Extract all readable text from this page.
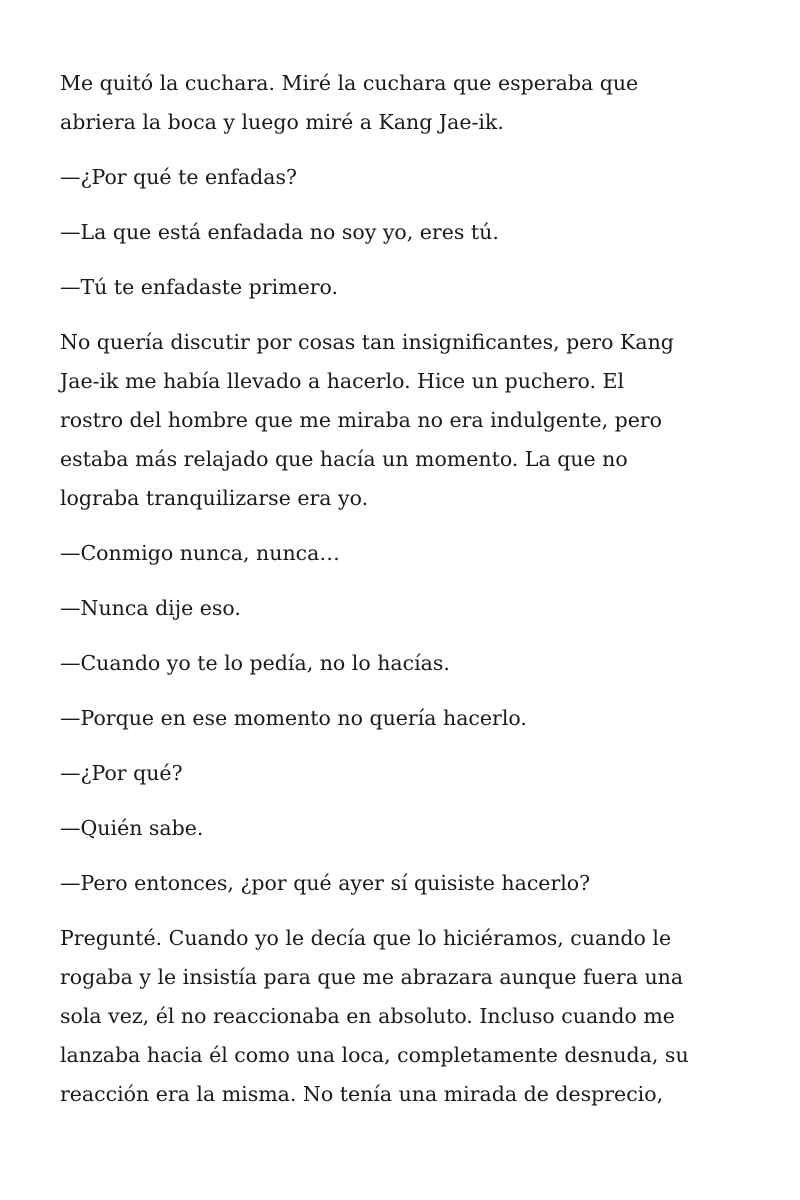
Me quitó la cuchara. Miré la cuchara que esperaba que
abriera la boca y luego miré a Kang Jae-ik.

—¿Por qué te enfadas?

—La que está enfadada no soy yo, eres tú.

—Tú te enfadaste primero.

No quería discutir por cosas tan insignificantes, pero Kang
Jae-ik me había llevado a hacerlo. Hice un puchero. El
rostro del hombre que me miraba no era indulgente, pero
estaba más relajado que hacía un momento. La que no
lograba tranquilizarse era yo.

—Conmigo nunca, nunca…

—Nunca dije eso.

—Cuando yo te lo pedía, no lo hacías.

—Porque en ese momento no quería hacerlo.

—¿Por qué?

—Quién sabe.

—Pero entonces, ¿por qué ayer sí quisiste hacerlo?

Pregunté. Cuando yo le decía que lo hiciéramos, cuando le
rogaba y le insistía para que me abrazara aunque fuera una
sola vez, él no reaccionaba en absoluto. Incluso cuando me
lanzaba hacia él como una loca, completamente desnuda, su
reacción era la misma. No tenía una mirada de desprecio,
